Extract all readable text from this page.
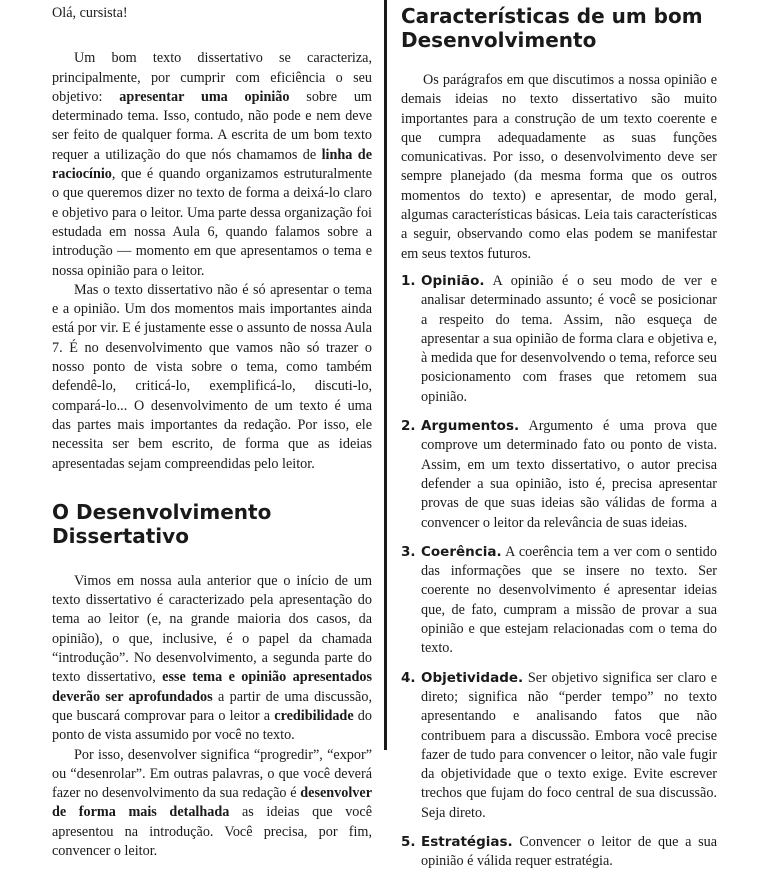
Olá, cursista!

Um bom texto dissertativo se caracteriza, principalmente, por cumprir com eficiência o seu objetivo: apresentar uma opinião sobre um determinado tema. Isso, contudo, não pode e nem deve ser feito de qualquer forma. A escrita de um bom texto requer a utilização do que nós chamamos de linha de raciocínio, que é quando organizamos estruturalmente o que queremos dizer no texto de forma a deixá-lo claro e objetivo para o leitor. Uma parte dessa organização foi estudada em nossa Aula 6, quando falamos sobre a introdução — momento em que apresentamos o tema e nossa opinião para o leitor.

Mas o texto dissertativo não é só apresentar o tema e a opinião. Um dos momentos mais importantes ainda está por vir. E é justamente esse o assunto de nossa Aula 7. É no desenvolvimento que vamos não só trazer o nosso ponto de vista sobre o tema, como também defendê-lo, criticá-lo, exemplificá-lo, discuti-lo, compará-lo... O desenvolvimento de um texto é uma das partes mais importantes da redação. Por isso, ele necessita ser bem escrito, de forma que as ideias apresentadas sejam compreendidas pelo leitor.

O Desenvolvimento
Dissertativo

Vimos em nossa aula anterior que o início de um texto dissertativo é caracterizado pela apresentação do tema ao leitor (e, na grande maioria dos casos, da opinião), o que, inclusive, é o papel da chamada “introdução”. No desenvolvimento, a segunda parte do texto dissertativo, esse tema e opinião apresentados deverão ser aprofundados a partir de uma discussão, que buscará comprovar para o leitor a credibilidade do ponto de vista assumido por você no texto.

Por isso, desenvolver significa “progredir”, “expor” ou “desenrolar”. Em outras palavras, o que você deverá fazer no desenvolvimento da sua redação é desenvolver de forma mais detalhada as ideias que você apresentou na introdução. Você precisa, por fim, convencer o leitor.

Características de um bom
Desenvolvimento

Os parágrafos em que discutimos a nossa opinião e demais ideias no texto dissertativo são muito importantes para a construção de um texto coerente e que cumpra adequadamente as suas funções comunicativas. Por isso, o desenvolvimento deve ser sempre planejado (da mesma forma que os outros momentos do texto) e apresentar, de modo geral, algumas características básicas. Leia tais características a seguir, observando como elas podem se manifestar em seus textos futuros.

1. Opinião. A opinião é o seu modo de ver e analisar determinado assunto; é você se posicionar a respeito do tema. Assim, não esqueça de apresentar a sua opinião de forma clara e objetiva e, à medida que for desenvolvendo o tema, reforce seu posicionamento com frases que retomem sua opinião.

2. Argumentos. Argumento é uma prova que comprove um determinado fato ou ponto de vista. Assim, em um texto dissertativo, o autor precisa defender a sua opinião, isto é, precisa apresentar provas de que suas ideias são válidas de forma a convencer o leitor da relevância de suas ideias.

3. Coerência. A coerência tem a ver com o sentido das informações que se insere no texto. Ser coerente no desenvolvimento é apresentar ideias que, de fato, cumpram a missão de provar a sua opinião e que estejam relacionadas com o tema do texto.

4. Objetividade. Ser objetivo significa ser claro e direto; significa não “perder tempo” no texto apresentando e analisando fatos que não contribuem para a discussão. Embora você precise fazer de tudo para convencer o leitor, não vale fugir da objetividade que o texto exige. Evite escrever trechos que fujam do foco central de sua discussão. Seja direto.

5. Estratégias. Convencer o leitor de que a sua opinião é válida requer estratégia.
